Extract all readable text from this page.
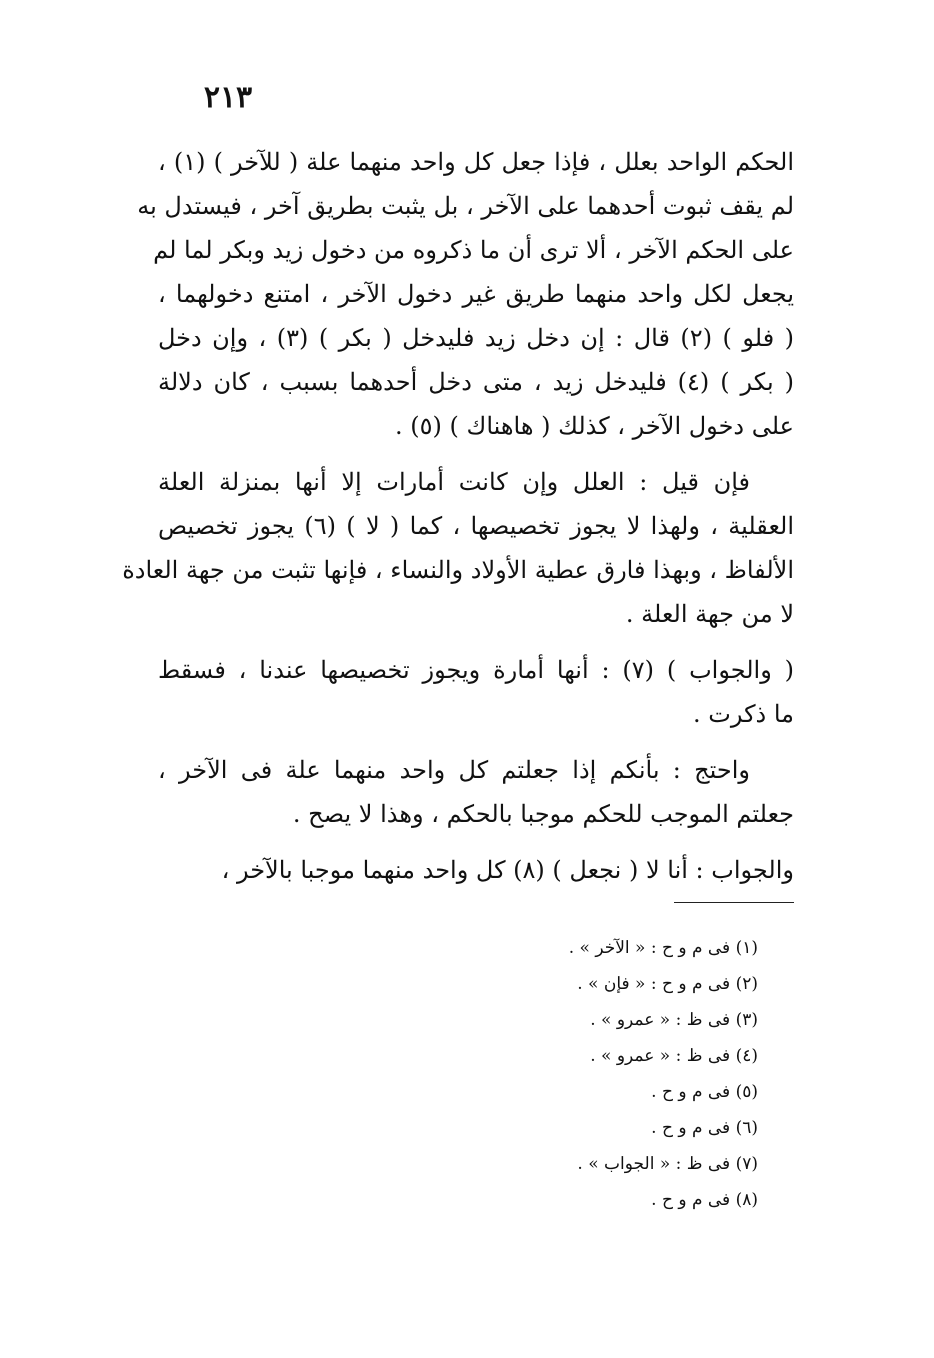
٢١٣
الحكم الواحد بعلل ، فإذا جعل كل واحد منهما علة ( للآخر ) (١) ،
لم يقف ثبوت أحدهما على الآخر ، بل يثبت بطريق آخر ، فيستدل به
على الحكم الآخر ، ألا ترى أن ما ذكروه من دخول زيد وبكر لما لم
يجعل لكل واحد منهما طريق غير دخول الآخر ، امتنع دخولهما ،
( فلو ) (٢) قال : إن دخل زيد فليدخل ( بكر ) (٣) ، وإن دخل
( بكر ) (٤) فليدخل زيد ، متى دخل أحدهما بسبب ، كان دلالة
على دخول الآخر ، كذلك ( هاهناك ) (٥) .
فإن قيل : العلل وإن كانت أمارات إلا أنها بمنزلة العلة
العقلية ، ولهذا لا يجوز تخصيصها ، كما ( لا ) (٦) يجوز تخصيص
الألفاظ ، وبهذا فارق عطية الأولاد والنساء ، فإنها تثبت من جهة العادة
لا من جهة العلة .
( والجواب ) (٧) : أنها أمارة ويجوز تخصيصها عندنا ، فسقط
ما ذكرت .
واحتج : بأنكم إذا جعلتم كل واحد منهما علة فى الآخر ،
جعلتم الموجب للحكم موجبا بالحكم ، وهذا لا يصح .
والجواب : أنا لا ( نجعل ) (٨) كل واحد منهما موجبا بالآخر ،
(١) فى م و ح : « الآخر » .
(٢) فى م و ح : « فإن » .
(٣) فى ظ : « عمرو » .
(٤) فى ظ : « عمرو » .
(٥) فى م و ح .
(٦) فى م و ح .
(٧) فى ظ : « الجواب » .
(٨) فى م و ح .
